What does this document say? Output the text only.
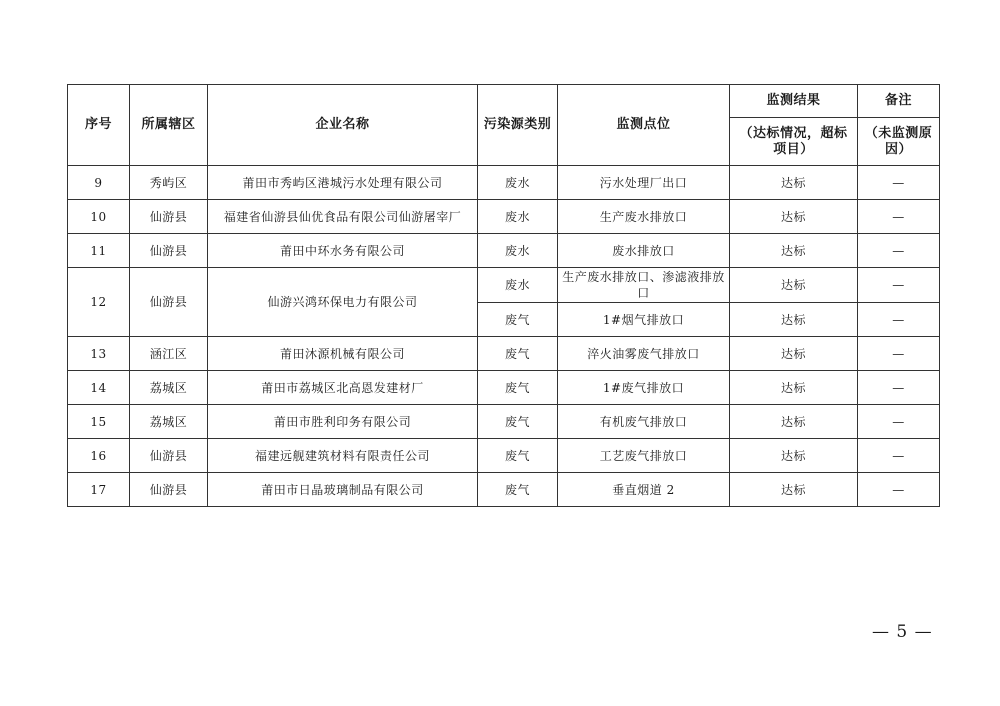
序号	所属辖区	企业名称	污染源类别	监测点位	监测结果	备注
					（达标情况，超标项目）	（未监测原因）
9	秀屿区	莆田市秀屿区港城污水处理有限公司	废水	污水处理厂出口	达标	—
10	仙游县	福建省仙游县仙优食品有限公司仙游屠宰厂	废水	生产废水排放口	达标	—
11	仙游县	莆田中环水务有限公司	废水	废水排放口	达标	—
12	仙游县	仙游兴鸿环保电力有限公司	废水	生产废水排放口、渗滤液排放口	达标	—
			废气	1#烟气排放口	达标	—
13	涵江区	莆田沐源机械有限公司	废气	淬火油雾废气排放口	达标	—
14	荔城区	莆田市荔城区北高恩发建材厂	废气	1#废气排放口	达标	—
15	荔城区	莆田市胜利印务有限公司	废气	有机废气排放口	达标	—
16	仙游县	福建远舰建筑材料有限责任公司	废气	工艺废气排放口	达标	—
17	仙游县	莆田市日晶玻璃制品有限公司	废气	垂直烟道 2	达标	—
— 5 —
